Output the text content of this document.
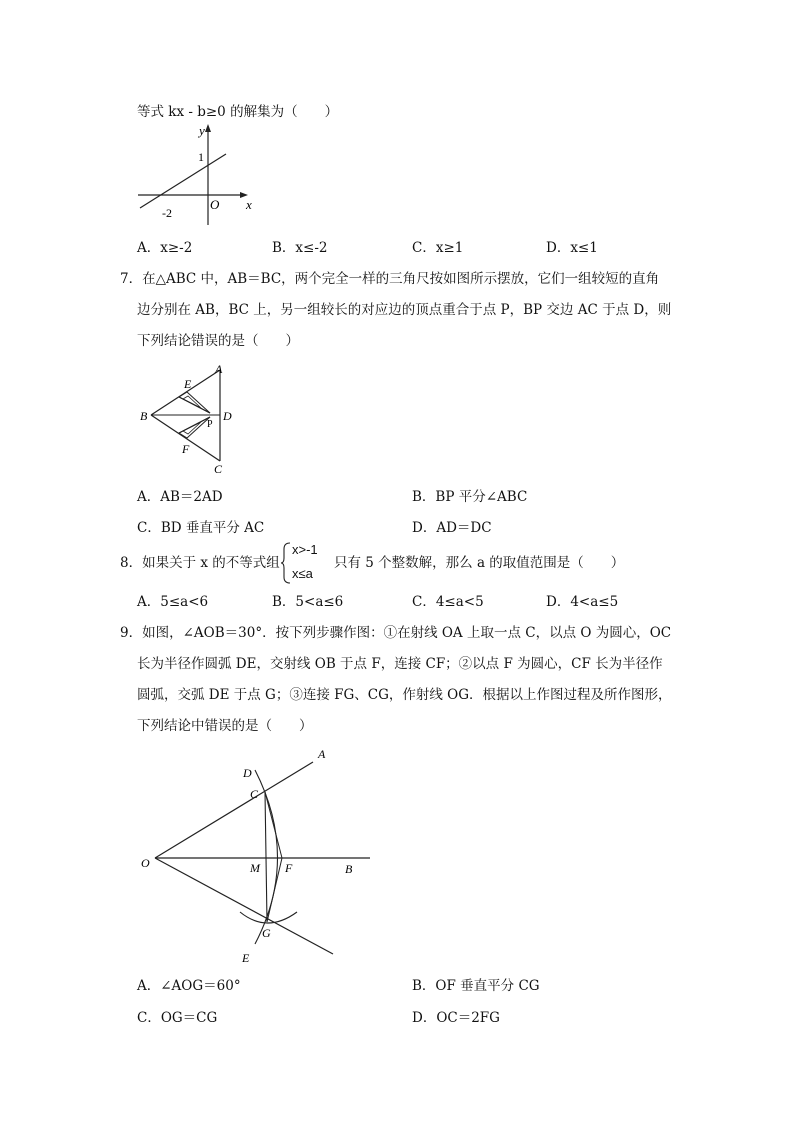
等式 kx - b≥0 的解集为（　　）
y
1
-2
O x
A．x≥-2	B．x≤-2	C．x≥1	D．x≤1
7．在△ABC 中，AB＝BC，两个完全一样的三角尺按如图所示摆放，它们一组较短的直角
边分别在 AB，BC 上，另一组较长的对应边的顶点重合于点 P，BP 交边 AC 于点 D，则
下列结论错误的是（　　）
A
B
C
D
E
F
P
A．AB＝2AD	B．BP 平分∠ABC
C．BD 垂直平分 AC	D．AD＝DC
8．如果关于 x 的不等式组
x>-1
x≤a
只有 5 个整数解，那么 a 的取值范围是（　　）
A．5≤a<6	B．5<a≤6	C．4≤a<5	D．4<a≤5
9．如图，∠AOB＝30°．按下列步骤作图：①在射线 OA 上取一点 C，以点 O 为圆心，OC
长为半径作圆弧 DE，交射线 OB 于点 F，连接 CF；②以点 F 为圆心，CF 长为半径作
圆弧，交弧 DE 于点 G；③连接 FG、CG，作射线 OG．根据以上作图过程及所作图形，
下列结论中错误的是（　　）
A
B
C
D
E
F
G
M
O
A．∠AOG＝60°	B．OF 垂直平分 CG
C．OG＝CG	D．OC＝2FG
